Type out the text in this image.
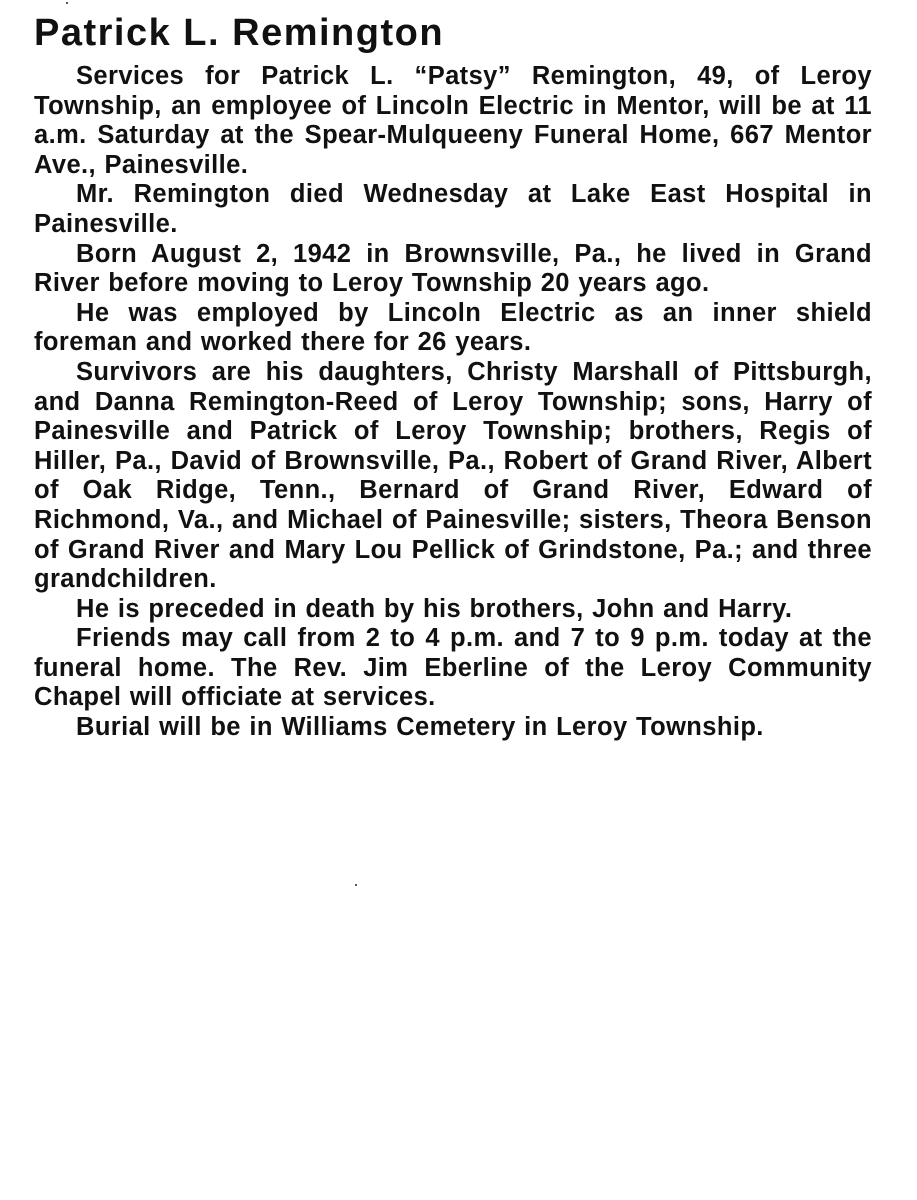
Patrick L. Remington

Services for Patrick L. “Patsy” Remington, 49, of Leroy Township, an employee of Lincoln Electric in Mentor, will be at 11 a.m. Saturday at the Spear-Mulqueeny Funeral Home, 667 Mentor Ave., Painesville.

Mr. Remington died Wednesday at Lake East Hospital in Painesville.

Born August 2, 1942 in Brownsville, Pa., he lived in Grand River before moving to Leroy Township 20 years ago.

He was employed by Lincoln Electric as an inner shield foreman and worked there for 26 years.

Survivors are his daughters, Christy Marshall of Pittsburgh, and Danna Remington-Reed of Leroy Township; sons, Harry of Painesville and Patrick of Leroy Township; brothers, Regis of Hiller, Pa., David of Brownsville, Pa., Robert of Grand River, Albert of Oak Ridge, Tenn., Bernard of Grand River, Edward of Richmond, Va., and Michael of Painesville; sisters, Theora Benson of Grand River and Mary Lou Pellick of Grindstone, Pa.; and three grandchildren.

He is preceded in death by his brothers, John and Harry.

Friends may call from 2 to 4 p.m. and 7 to 9 p.m. today at the funeral home. The Rev. Jim Eberline of the Leroy Community Chapel will officiate at services.

Burial will be in Williams Cemetery in Leroy Township.
